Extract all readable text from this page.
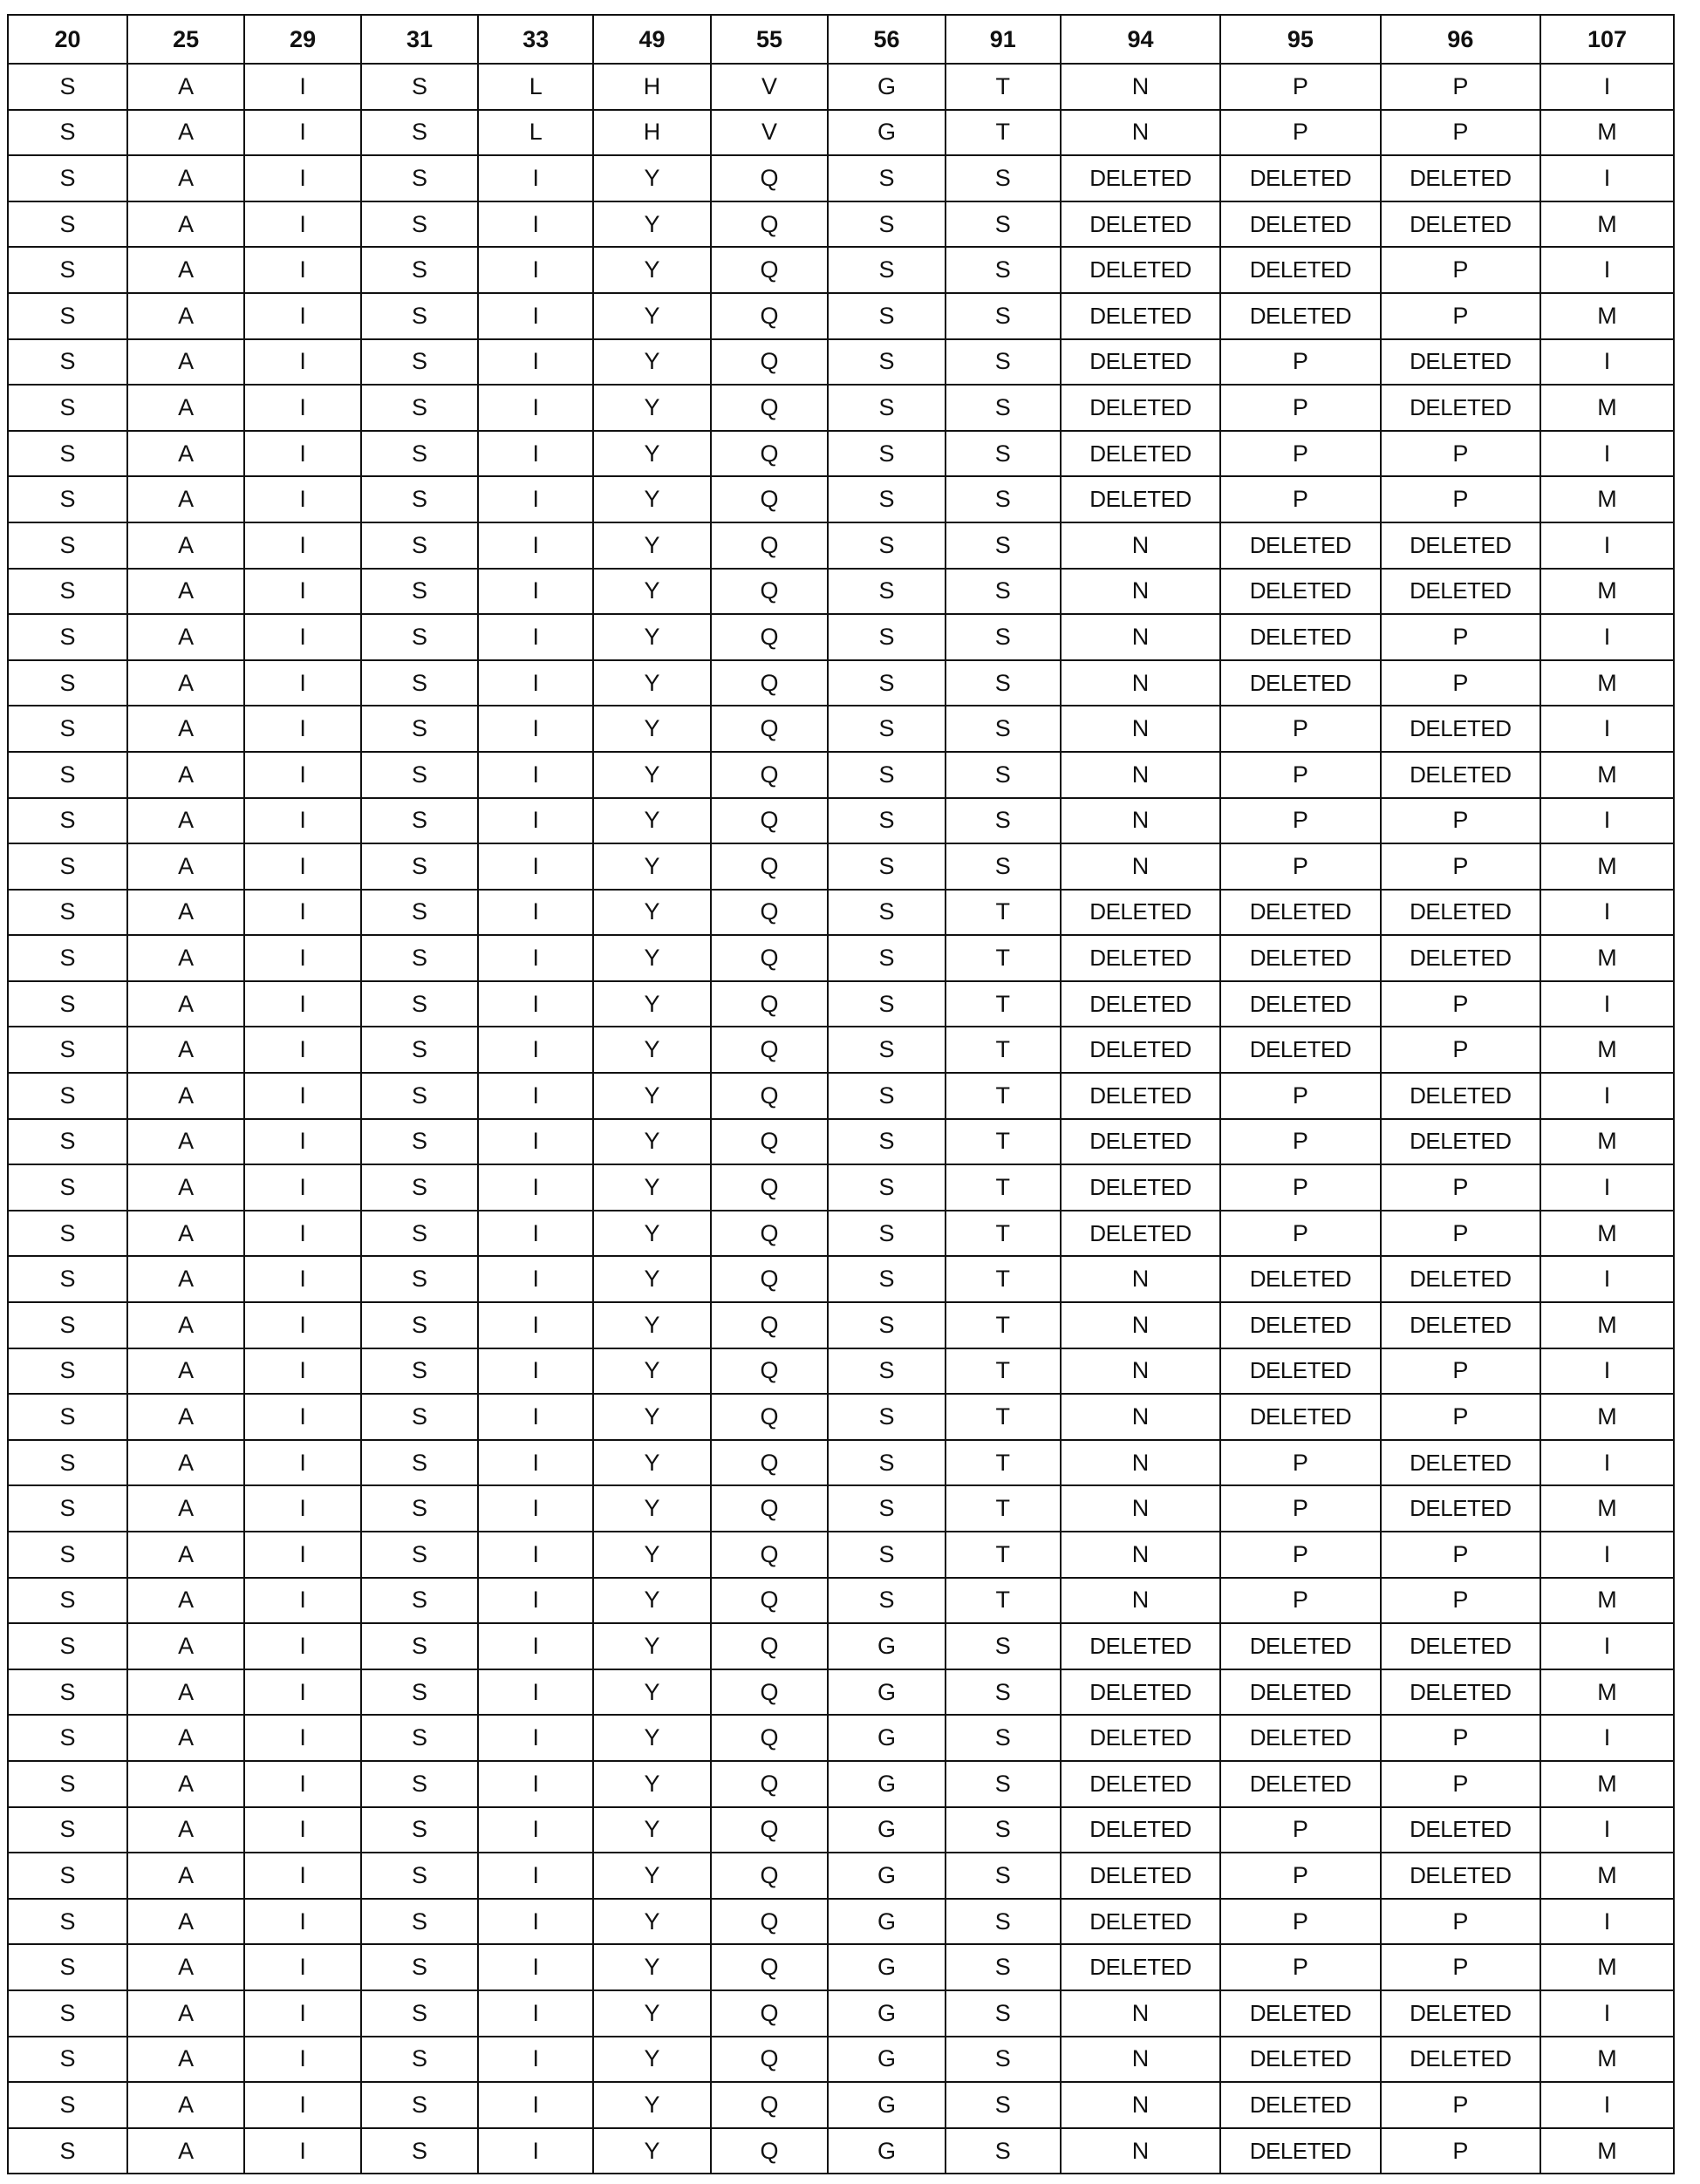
20	25	29	31	33	49	55	56	91	94	95	96	107
S	A	I	S	L	H	V	G	T	N	P	P	I
S	A	I	S	L	H	V	G	T	N	P	P	M
S	A	I	S	I	Y	Q	S	S	DELETED	DELETED	DELETED	I
S	A	I	S	I	Y	Q	S	S	DELETED	DELETED	DELETED	M
S	A	I	S	I	Y	Q	S	S	DELETED	DELETED	P	I
S	A	I	S	I	Y	Q	S	S	DELETED	DELETED	P	M
S	A	I	S	I	Y	Q	S	S	DELETED	P	DELETED	I
S	A	I	S	I	Y	Q	S	S	DELETED	P	DELETED	M
S	A	I	S	I	Y	Q	S	S	DELETED	P	P	I
S	A	I	S	I	Y	Q	S	S	DELETED	P	P	M
S	A	I	S	I	Y	Q	S	S	N	DELETED	DELETED	I
S	A	I	S	I	Y	Q	S	S	N	DELETED	DELETED	M
S	A	I	S	I	Y	Q	S	S	N	DELETED	P	I
S	A	I	S	I	Y	Q	S	S	N	DELETED	P	M
S	A	I	S	I	Y	Q	S	S	N	P	DELETED	I
S	A	I	S	I	Y	Q	S	S	N	P	DELETED	M
S	A	I	S	I	Y	Q	S	S	N	P	P	I
S	A	I	S	I	Y	Q	S	S	N	P	P	M
S	A	I	S	I	Y	Q	S	T	DELETED	DELETED	DELETED	I
S	A	I	S	I	Y	Q	S	T	DELETED	DELETED	DELETED	M
S	A	I	S	I	Y	Q	S	T	DELETED	DELETED	P	I
S	A	I	S	I	Y	Q	S	T	DELETED	DELETED	P	M
S	A	I	S	I	Y	Q	S	T	DELETED	P	DELETED	I
S	A	I	S	I	Y	Q	S	T	DELETED	P	DELETED	M
S	A	I	S	I	Y	Q	S	T	DELETED	P	P	I
S	A	I	S	I	Y	Q	S	T	DELETED	P	P	M
S	A	I	S	I	Y	Q	S	T	N	DELETED	DELETED	I
S	A	I	S	I	Y	Q	S	T	N	DELETED	DELETED	M
S	A	I	S	I	Y	Q	S	T	N	DELETED	P	I
S	A	I	S	I	Y	Q	S	T	N	DELETED	P	M
S	A	I	S	I	Y	Q	S	T	N	P	DELETED	I
S	A	I	S	I	Y	Q	S	T	N	P	DELETED	M
S	A	I	S	I	Y	Q	S	T	N	P	P	I
S	A	I	S	I	Y	Q	S	T	N	P	P	M
S	A	I	S	I	Y	Q	G	S	DELETED	DELETED	DELETED	I
S	A	I	S	I	Y	Q	G	S	DELETED	DELETED	DELETED	M
S	A	I	S	I	Y	Q	G	S	DELETED	DELETED	P	I
S	A	I	S	I	Y	Q	G	S	DELETED	DELETED	P	M
S	A	I	S	I	Y	Q	G	S	DELETED	P	DELETED	I
S	A	I	S	I	Y	Q	G	S	DELETED	P	DELETED	M
S	A	I	S	I	Y	Q	G	S	DELETED	P	P	I
S	A	I	S	I	Y	Q	G	S	DELETED	P	P	M
S	A	I	S	I	Y	Q	G	S	N	DELETED	DELETED	I
S	A	I	S	I	Y	Q	G	S	N	DELETED	DELETED	M
S	A	I	S	I	Y	Q	G	S	N	DELETED	P	I
S	A	I	S	I	Y	Q	G	S	N	DELETED	P	M
